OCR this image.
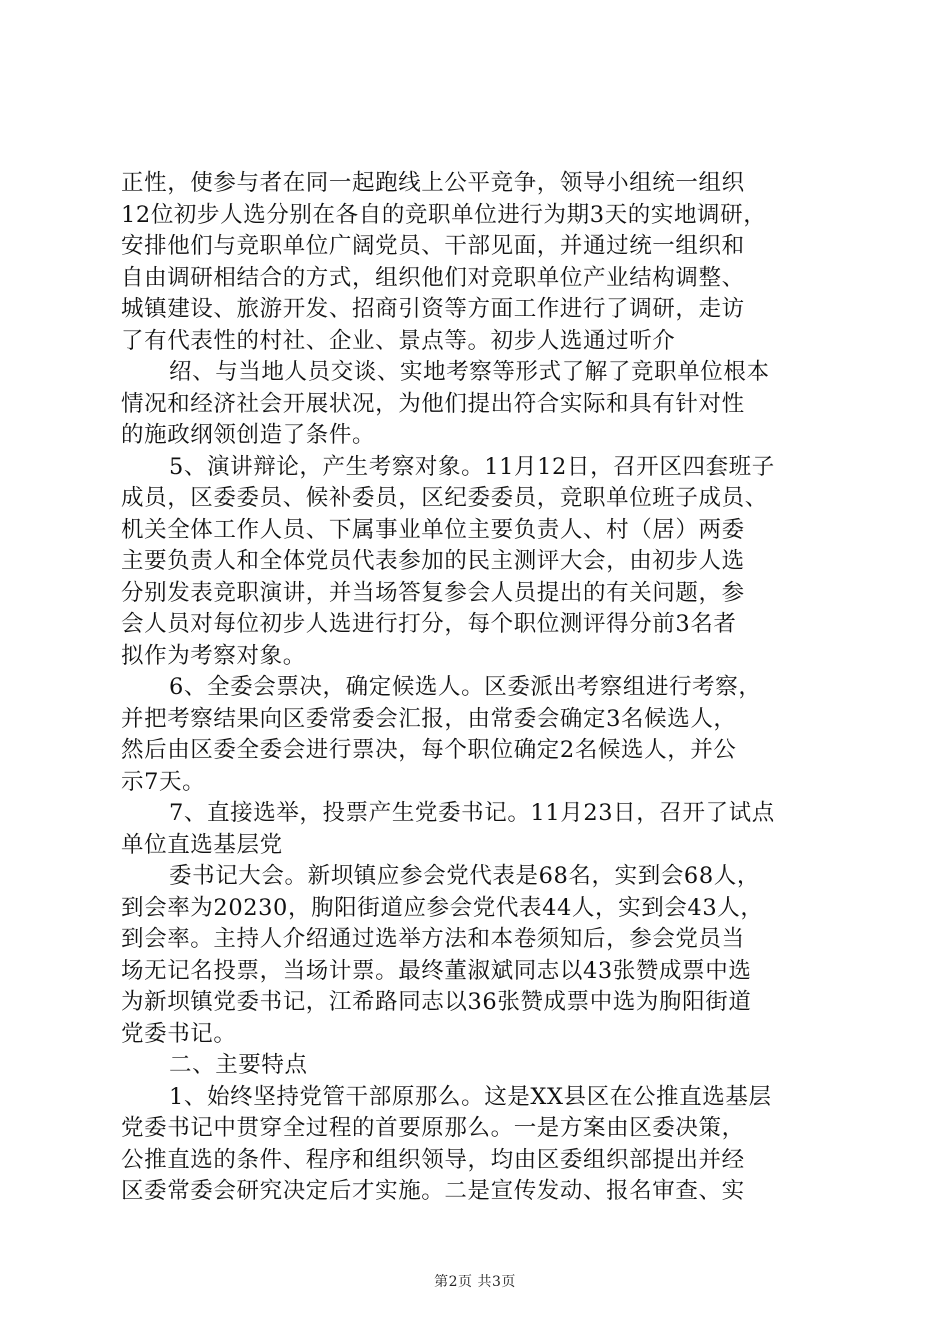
正性，使参与者在同一起跑线上公平竞争，领导小组统一组织
12位初步人选分别在各自的竞职单位进行为期3天的实地调研，
安排他们与竞职单位广阔党员、干部见面，并通过统一组织和
自由调研相结合的方式，组织他们对竞职单位产业结构调整、
城镇建设、旅游开发、招商引资等方面工作进行了调研，走访
了有代表性的村社、企业、景点等。初步人选通过听介
绍、与当地人员交谈、实地考察等形式了解了竞职单位根本
情况和经济社会开展状况，为他们提出符合实际和具有针对性
的施政纲领创造了条件。
5、演讲辩论，产生考察对象。11月12日，召开区四套班子
成员，区委委员、候补委员，区纪委委员，竞职单位班子成员、
机关全体工作人员、下属事业单位主要负责人、村（居）两委
主要负责人和全体党员代表参加的民主测评大会，由初步人选
分别发表竞职演讲，并当场答复参会人员提出的有关问题，参
会人员对每位初步人选进行打分，每个职位测评得分前3名者
拟作为考察对象。
6、全委会票决，确定候选人。区委派出考察组进行考察，
并把考察结果向区委常委会汇报，由常委会确定3名候选人，
然后由区委全委会进行票决，每个职位确定2名候选人，并公
示7天。
7、直接选举，投票产生党委书记。11月23日，召开了试点
单位直选基层党
委书记大会。新坝镇应参会党代表是68名，实到会68人，
到会率为20230，朐阳街道应参会党代表44人，实到会43人，
到会率。主持人介绍通过选举方法和本卷须知后，参会党员当
场无记名投票，当场计票。最终董淑斌同志以43张赞成票中选
为新坝镇党委书记，江希路同志以36张赞成票中选为朐阳街道
党委书记。
二、主要特点
1、始终坚持党管干部原那么。这是XX县区在公推直选基层
党委书记中贯穿全过程的首要原那么。一是方案由区委决策，
公推直选的条件、程序和组织领导，均由区委组织部提出并经
区委常委会研究决定后才实施。二是宣传发动、报名审查、实
第2页 共3页
